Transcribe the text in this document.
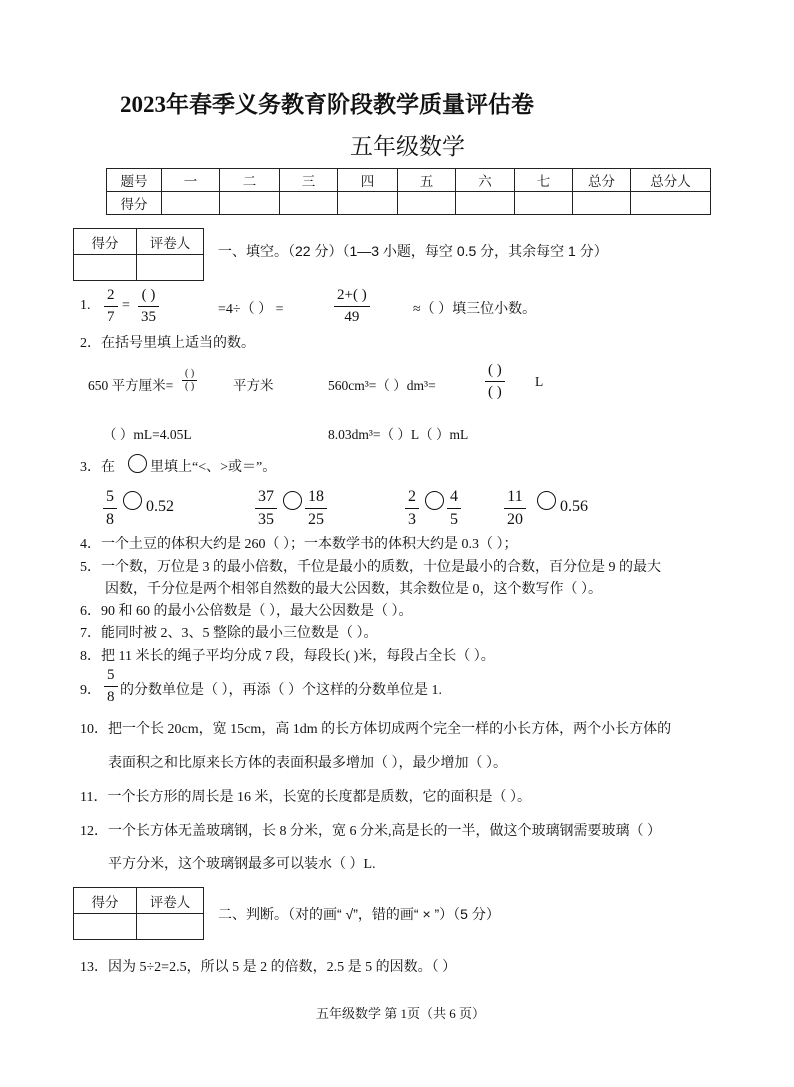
2023年春季义务教育阶段教学质量评估卷
五年级数学
题号	一	二	三	四	五	六	七	总分	总分人
得分									
得分	评卷人
	一、填空。（22 分）（1—3 小题，每空 0.5 分，其余每空 1 分）
1.
2
7
=
( )
35	=4÷（ ） =
2+( )
49	≈（ ）填三位小数。
2．在括号里填上适当的数。
650 平方厘米=
( )
( )	平方米	560cm³=（ ）dm³=
( )
( )
L
（ ）mL=4.05L	8.03dm³=（ ）L（ ）mL
3．在	里填上“<、>或＝”。
5
8
0.52
37
35
18
25
2
3
4
5
11
20
0.56
4．一个土豆的体积大约是 260（ ）；一本数学书的体积大约是 0.3（ ）；
5．一个数，万位是 3 的最小倍数，千位是最小的质数，十位是最小的合数，百分位是 9 的最大
因数，千分位是两个相邻自然数的最大公因数，其余数位是 0，这个数写作（ ）。
6．90 和 60 的最小公倍数是（ ），最大公因数是（ ）。
7．能同时被 2、3、5 整除的最小三位数是（ ）。
8．把 11 米长的绳子平均分成 7 段，每段长( )米，每段占全长（ ）。
9．
5
8 的分数单位是（ ），再添（ ）个这样的分数单位是 1.
10．把一个长 20cm，宽 15cm，高 1dm 的长方体切成两个完全一样的小长方体，两个小长方体的
表面积之和比原来长方体的表面积最多增加（ ），最少增加（ ）。
11．一个长方形的周长是 16 米，长宽的长度都是质数，它的面积是（ ）。
12．一个长方体无盖玻璃钢，长 8 分米，宽 6 分米,高是长的一半，做这个玻璃钢需要玻璃（ ）
平方分米，这个玻璃钢最多可以装水（ ）L.
得分	评卷人

二、判断。（对的画“ √”，错的画“ × ”）（5 分）
13．因为 5÷2=2.5，所以 5 是 2 的倍数，2.5 是 5 的因数。（ ）
五年级数学 第 1页（共 6 页）
